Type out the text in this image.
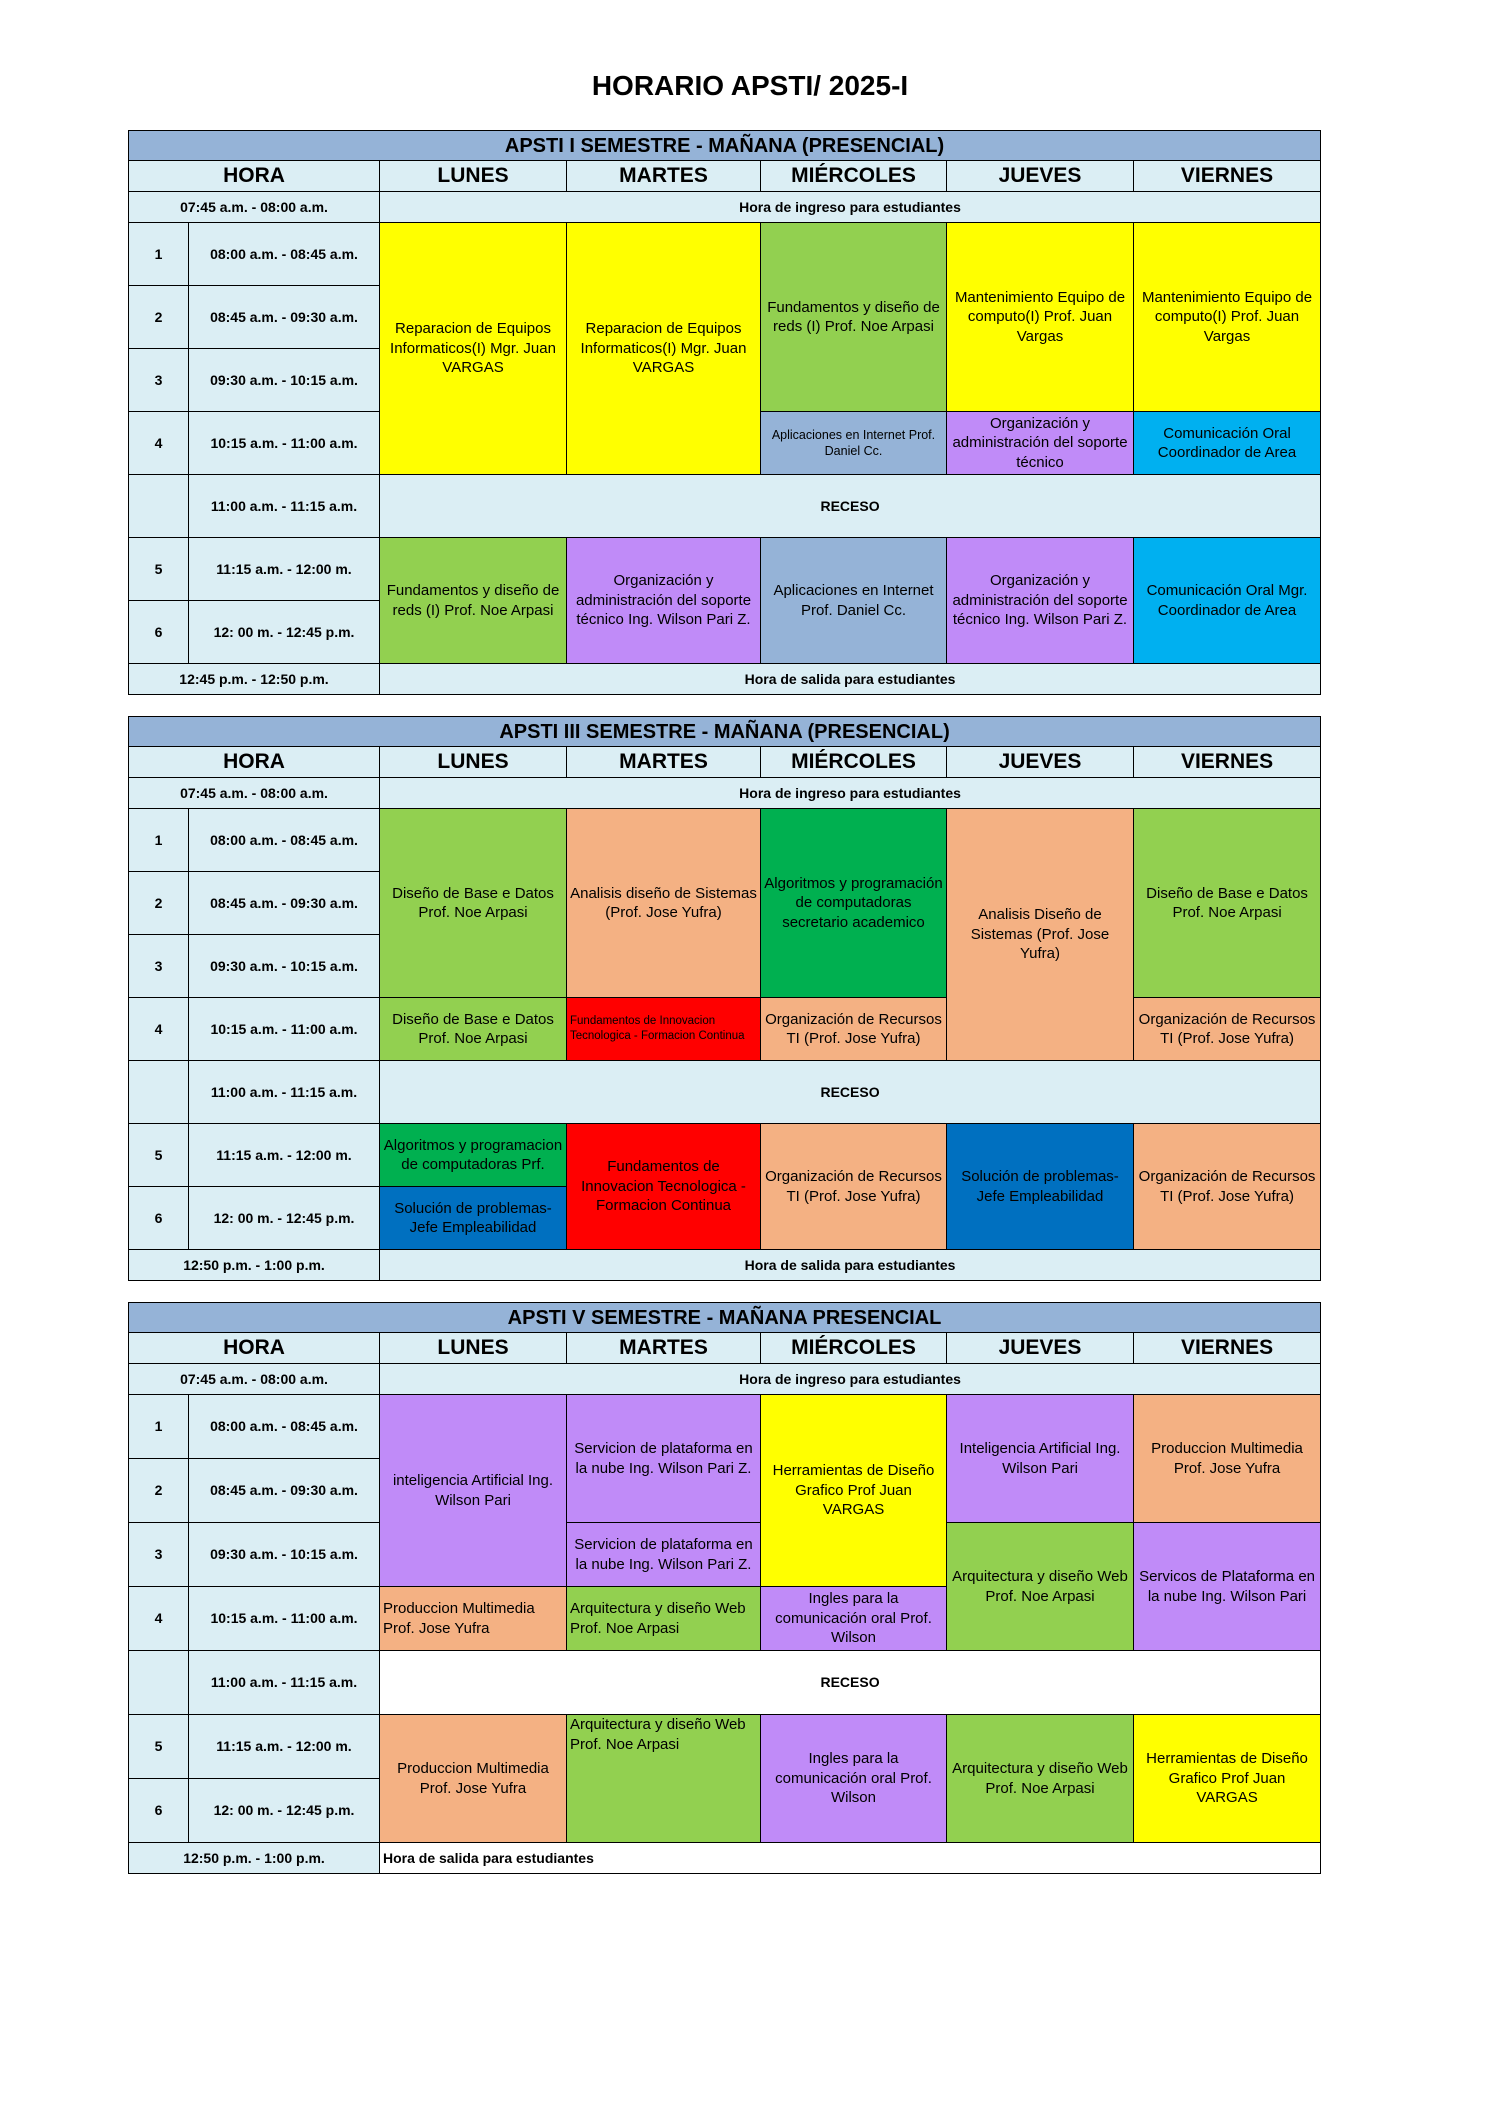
HORARIO APSTI/ 2025-I
APSTI I SEMESTRE - MAÑANA (PRESENCIAL)						
HORA		LUNES	MARTES	MIÉRCOLES	JUEVES	VIERNES
07:45 a.m. - 08:00 a.m.		Hora de ingreso para estudiantes				
1	08:00 a.m. - 08:45 a.m.	Reparacion de Equipos Informaticos(I) Mgr. Juan VARGAS	Reparacion de Equipos Informaticos(I) Mgr. Juan VARGAS	Fundamentos y diseño de reds (I) Prof. Noe Arpasi	Mantenimiento Equipo de computo(I) Prof. Juan Vargas	Mantenimiento Equipo de computo(I) Prof. Juan Vargas
2	08:45 a.m. - 09:30 a.m.					
3	09:30 a.m. - 10:15 a.m.					
4	10:15 a.m. - 11:00 a.m.			Aplicaciones en Internet Prof. Daniel Cc.	Organización y administración del soporte técnico	Comunicación Oral Coordinador de Area
	11:00 a.m. - 11:15 a.m.	RECESO				
5	11:15 a.m. - 12:00 m.	Fundamentos y diseño de reds (I) Prof. Noe Arpasi	Organización y administración del soporte técnico Ing. Wilson Pari Z.	Aplicaciones en Internet Prof. Daniel Cc.	Organización y administración del soporte técnico Ing. Wilson Pari Z.	Comunicación Oral Mgr. Coordinador de Area
6	12: 00 m. - 12:45 p.m.					
12:45 p.m. - 12:50 p.m.		Hora de salida para estudiantes				
APSTI III SEMESTRE - MAÑANA (PRESENCIAL)						
HORA		LUNES	MARTES	MIÉRCOLES	JUEVES	VIERNES
07:45 a.m. - 08:00 a.m.		Hora de ingreso para estudiantes				
1	08:00 a.m. - 08:45 a.m.	Diseño de Base e Datos Prof. Noe Arpasi	Analisis diseño de Sistemas (Prof. Jose Yufra)	Algoritmos y programación de computadoras secretario academico	Analisis Diseño de Sistemas (Prof. Jose Yufra)	Diseño de Base e Datos Prof. Noe Arpasi
2	08:45 a.m. - 09:30 a.m.					
3	09:30 a.m. - 10:15 a.m.					
4	10:15 a.m. - 11:00 a.m.	Diseño de Base e Datos Prof. Noe Arpasi	Fundamentos de Innovacion Tecnologica - Formacion Continua	Organización de Recursos TI (Prof. Jose Yufra)		Organización de Recursos TI (Prof. Jose Yufra)
	11:00 a.m. - 11:15 a.m.	RECESO				
5	11:15 a.m. - 12:00 m.	Algoritmos y programacion de computadoras Prf.	Fundamentos de Innovacion Tecnologica - Formacion Continua	Organización de Recursos TI (Prof. Jose Yufra)	Solución de problemas- Jefe Empleabilidad	Organización de Recursos TI (Prof. Jose Yufra)
6	12: 00 m. - 12:45 p.m.	Solución de problemas- Jefe Empleabilidad				
12:50 p.m. - 1:00 p.m.		Hora de salida para estudiantes				
APSTI V SEMESTRE - MAÑANA PRESENCIAL						
HORA		LUNES	MARTES	MIÉRCOLES	JUEVES	VIERNES
07:45 a.m. - 08:00 a.m.		Hora de ingreso para estudiantes				
1	08:00 a.m. - 08:45 a.m.	inteligencia Artificial Ing. Wilson Pari	Servicion de plataforma en la nube Ing. Wilson Pari Z.	Herramientas de Diseño Grafico Prof Juan VARGAS	Inteligencia Artificial Ing. Wilson Pari	Produccion Multimedia Prof. Jose Yufra
2	08:45 a.m. - 09:30 a.m.					
3	09:30 a.m. - 10:15 a.m.		Servicion de plataforma en la nube Ing. Wilson Pari Z.		Arquitectura y diseño Web Prof. Noe Arpasi	Servicos de Plataforma en la nube Ing. Wilson Pari
4	10:15 a.m. - 11:00 a.m.	Produccion Multimedia Prof. Jose Yufra	Arquitectura y diseño Web Prof. Noe Arpasi	Ingles para la comunicación oral Prof. Wilson		
	11:00 a.m. - 11:15 a.m.	RECESO				
5	11:15 a.m. - 12:00 m.	Produccion Multimedia Prof. Jose Yufra	Arquitectura y diseño Web Prof. Noe Arpasi	Ingles para la comunicación oral Prof. Wilson	Arquitectura y diseño Web Prof. Noe Arpasi	Herramientas de Diseño Grafico Prof Juan VARGAS
6	12: 00 m. - 12:45 p.m.					
12:50 p.m. - 1:00 p.m.		Hora de salida para estudiantes				
